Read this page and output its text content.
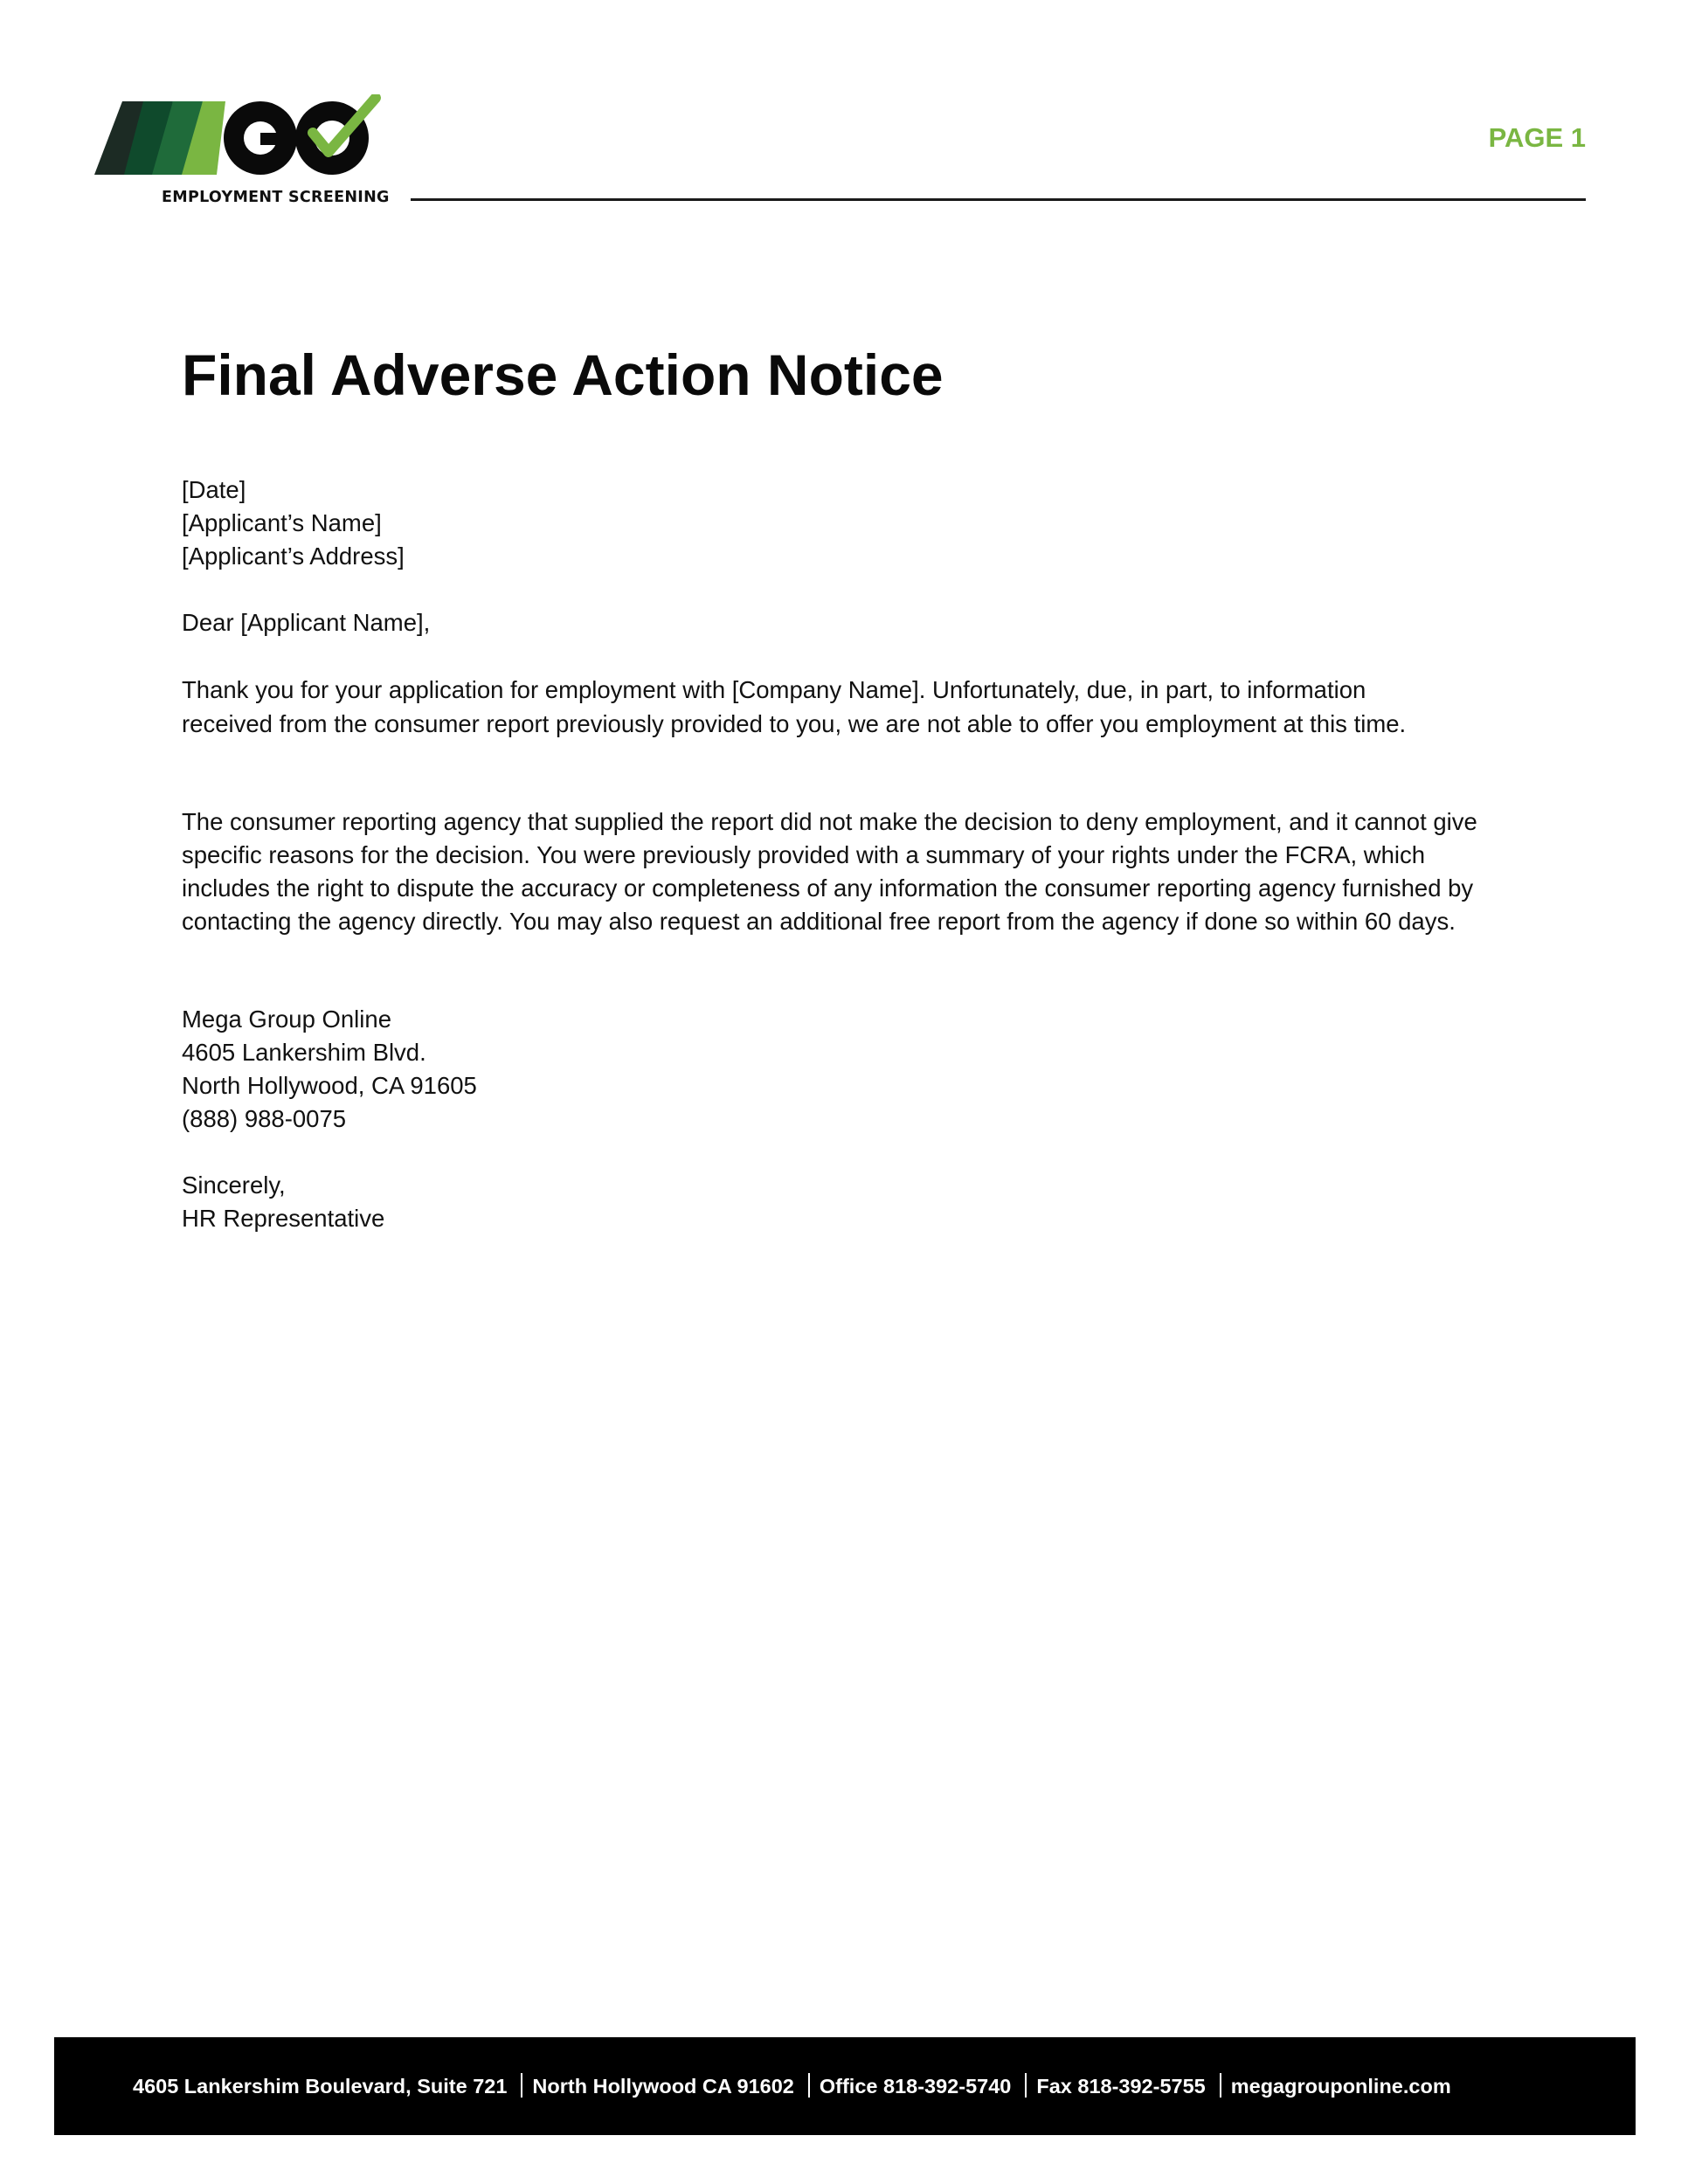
EMPLOYMENT SCREENING
PAGE 1
Final Adverse Action Notice
[Date]
[Applicant’s Name]
[Applicant’s Address]
Dear [Applicant Name],
Thank you for your application for employment with [Company Name]. Unfortunately, due, in part, to information
received from the consumer report previously provided to you, we are not able to offer you employment at this time.
The consumer reporting agency that supplied the report did not make the decision to deny employment, and it cannot give
specific reasons for the decision. You were previously provided with a summary of your rights under the FCRA, which
includes the right to dispute the accuracy or completeness of any information the consumer reporting agency furnished by
contacting the agency directly. You may also request an additional free report from the agency if done so within 60 days.
Mega Group Online
4605 Lankershim Blvd.
North Hollywood, CA 91605
(888) 988-0075
Sincerely,
HR Representative
4605 Lankershim Boulevard, Suite 721 North Hollywood CA 91602 Office 818-392-5740 Fax 818-392-5755 megagrouponline.com
